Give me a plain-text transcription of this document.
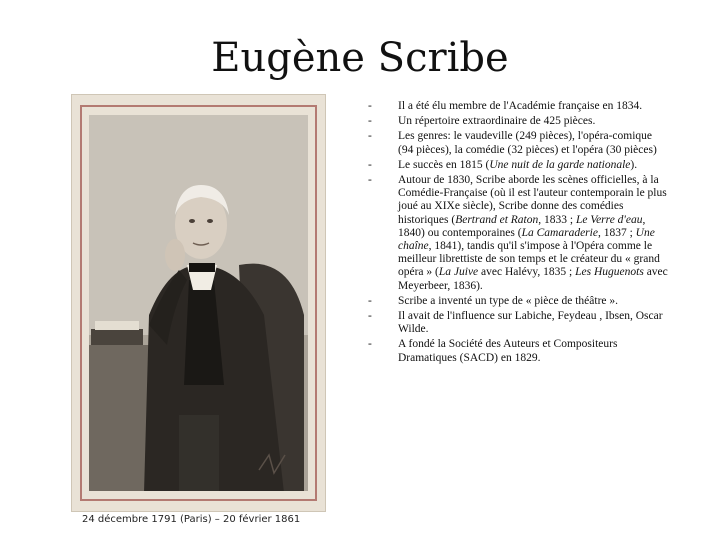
Eugène Scribe
24 décembre 1791 (Paris) – 20 février 1861
- Il a été élu membre de l'Académie française en 1834.
- Un répertoire extraordinaire de 425 pièces.
- Les genres: le vaudeville (249 pièces), l'opéra-comique (94 pièces), la comédie (32 pièces) et l'opéra (30 pièces)
- Le succès en 1815 (Une nuit de la garde nationale).
- Autour de 1830, Scribe aborde les scènes officielles, à la Comédie-Française (où il est l'auteur contemporain le plus joué au XIXe siècle), Scribe donne des comédies historiques (Bertrand et Raton, 1833 ; Le Verre d'eau, 1840) ou contemporaines (La Camaraderie, 1837 ; Une chaîne, 1841), tandis qu'il s'impose à l'Opéra comme le meilleur librettiste de son temps et le créateur du « grand opéra » (La Juive avec Halévy, 1835 ; Les Huguenots avec Meyerbeer, 1836).
- Scribe a inventé un type de « pièce de théâtre ».
- Il avait de l'influence sur Labiche, Feydeau , Ibsen, Oscar Wilde.
- A fondé la Société des Auteurs et Compositeurs Dramatiques (SACD) en 1829.
